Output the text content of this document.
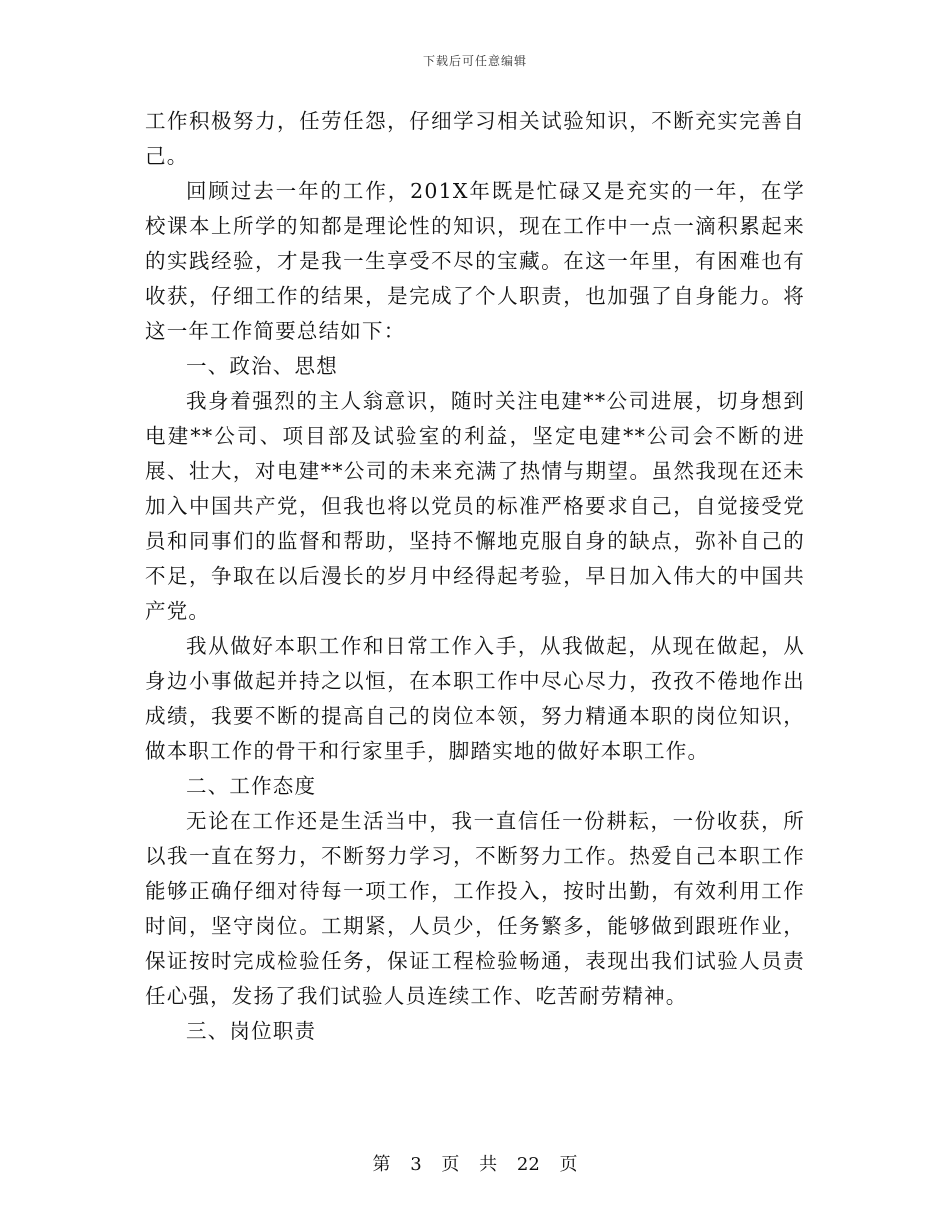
下载后可任意编辑

工作积极努力，任劳任怨，仔细学习相关试验知识，不断充实完善自己。

回顾过去一年的工作，201X年既是忙碌又是充实的一年，在学校课本上所学的知都是理论性的知识，现在工作中一点一滴积累起来的实践经验，才是我一生享受不尽的宝藏。在这一年里，有困难也有收获，仔细工作的结果，是完成了个人职责，也加强了自身能力。将这一年工作简要总结如下：

一、政治、思想

我身着强烈的主人翁意识，随时关注电建**公司进展，切身想到电建**公司、项目部及试验室的利益，坚定电建**公司会不断的进展、壮大，对电建**公司的未来充满了热情与期望。虽然我现在还未加入中国共产党，但我也将以党员的标准严格要求自己，自觉接受党员和同事们的监督和帮助，坚持不懈地克服自身的缺点，弥补自己的不足，争取在以后漫长的岁月中经得起考验，早日加入伟大的中国共产党。

我从做好本职工作和日常工作入手，从我做起，从现在做起，从身边小事做起并持之以恒，在本职工作中尽心尽力，孜孜不倦地作出成绩，我要不断的提高自己的岗位本领，努力精通本职的岗位知识，做本职工作的骨干和行家里手，脚踏实地的做好本职工作。

二、工作态度

无论在工作还是生活当中，我一直信任一份耕耘，一份收获，所以我一直在努力，不断努力学习，不断努力工作。热爱自己本职工作能够正确仔细对待每一项工作，工作投入，按时出勤，有效利用工作时间，坚守岗位。工期紧，人员少，任务繁多，能够做到跟班作业，保证按时完成检验任务，保证工程检验畅通，表现出我们试验人员责任心强，发扬了我们试验人员连续工作、吃苦耐劳精神。

三、岗位职责

第 3 页 共 22 页
